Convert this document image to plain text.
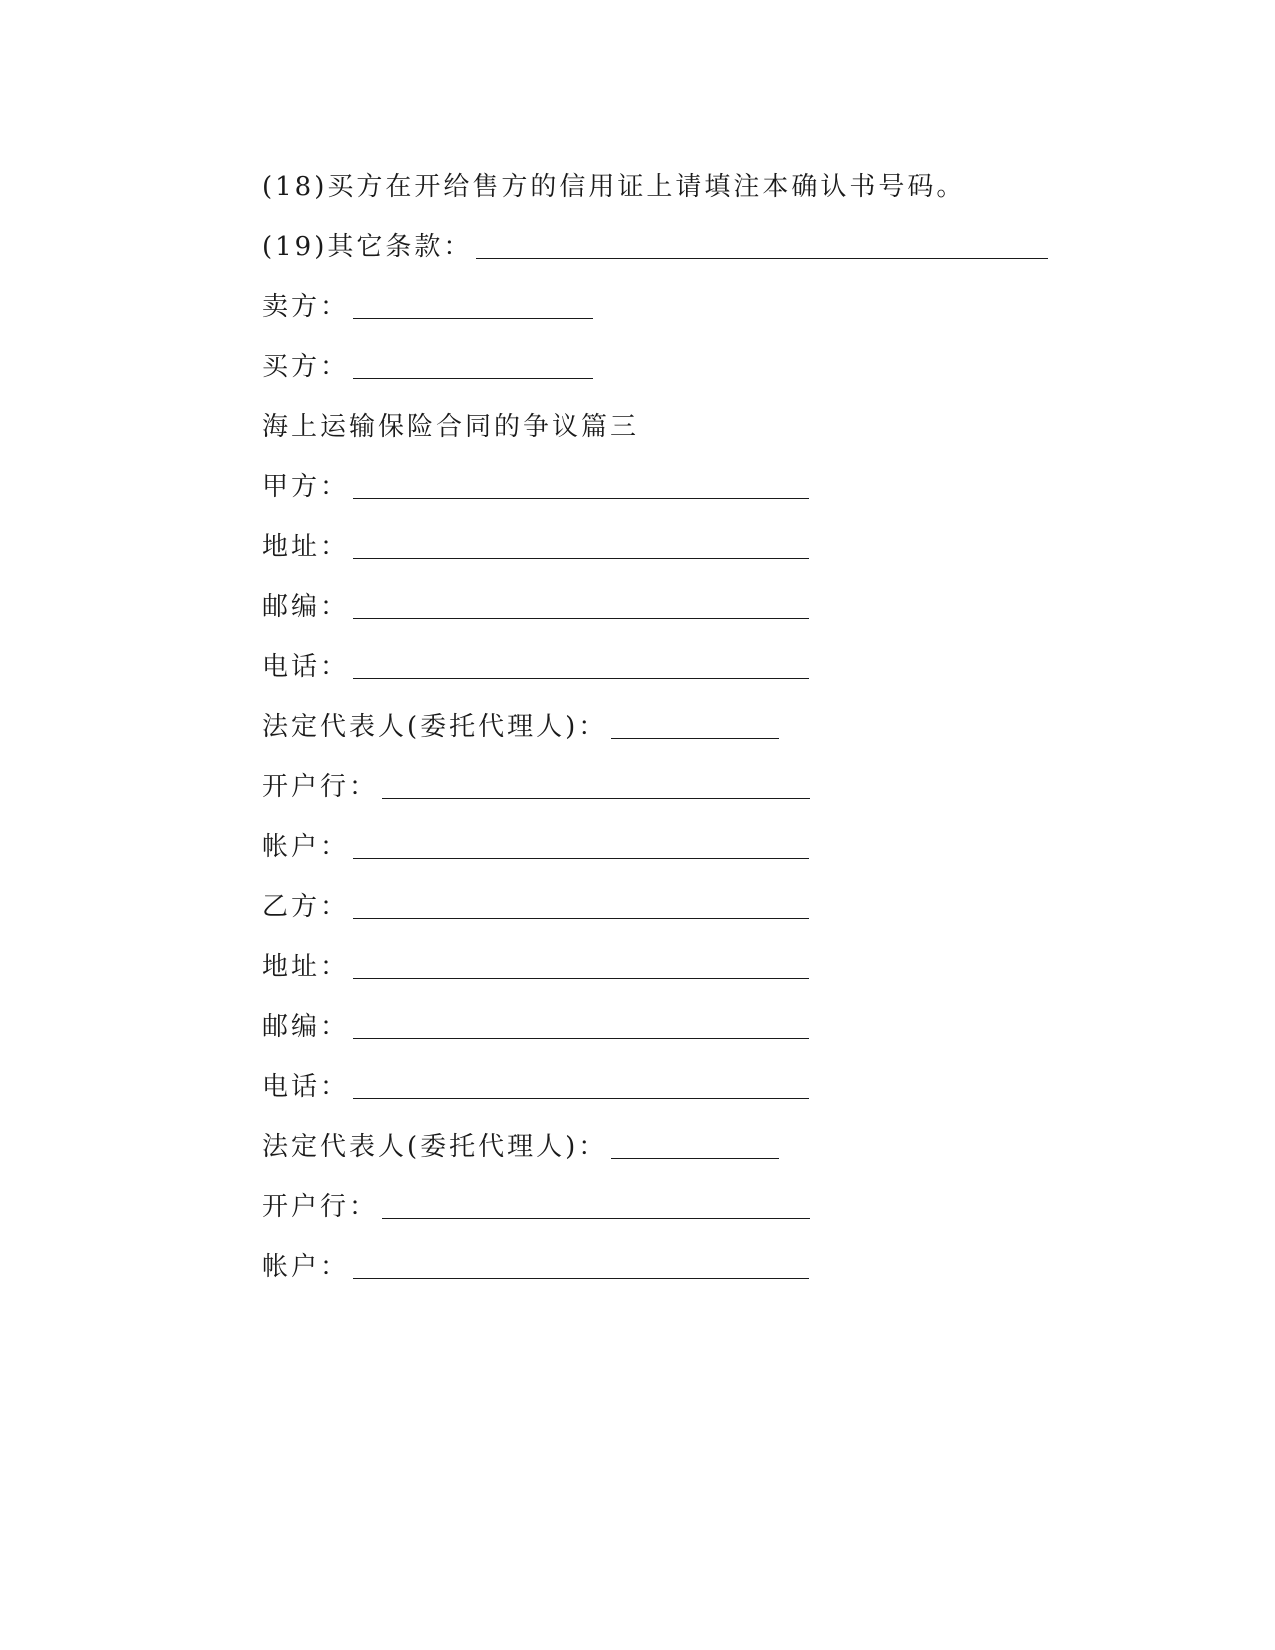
(18)买方在开给售方的信用证上请填注本确认书号码。
(19)其它条款：
卖方：
买方：
海上运输保险合同的争议篇三
甲方：
地址：
邮编：
电话：
法定代表人(委托代理人)：
开户行：
帐户：
乙方：
地址：
邮编：
电话：
法定代表人(委托代理人)：
开户行：
帐户：
